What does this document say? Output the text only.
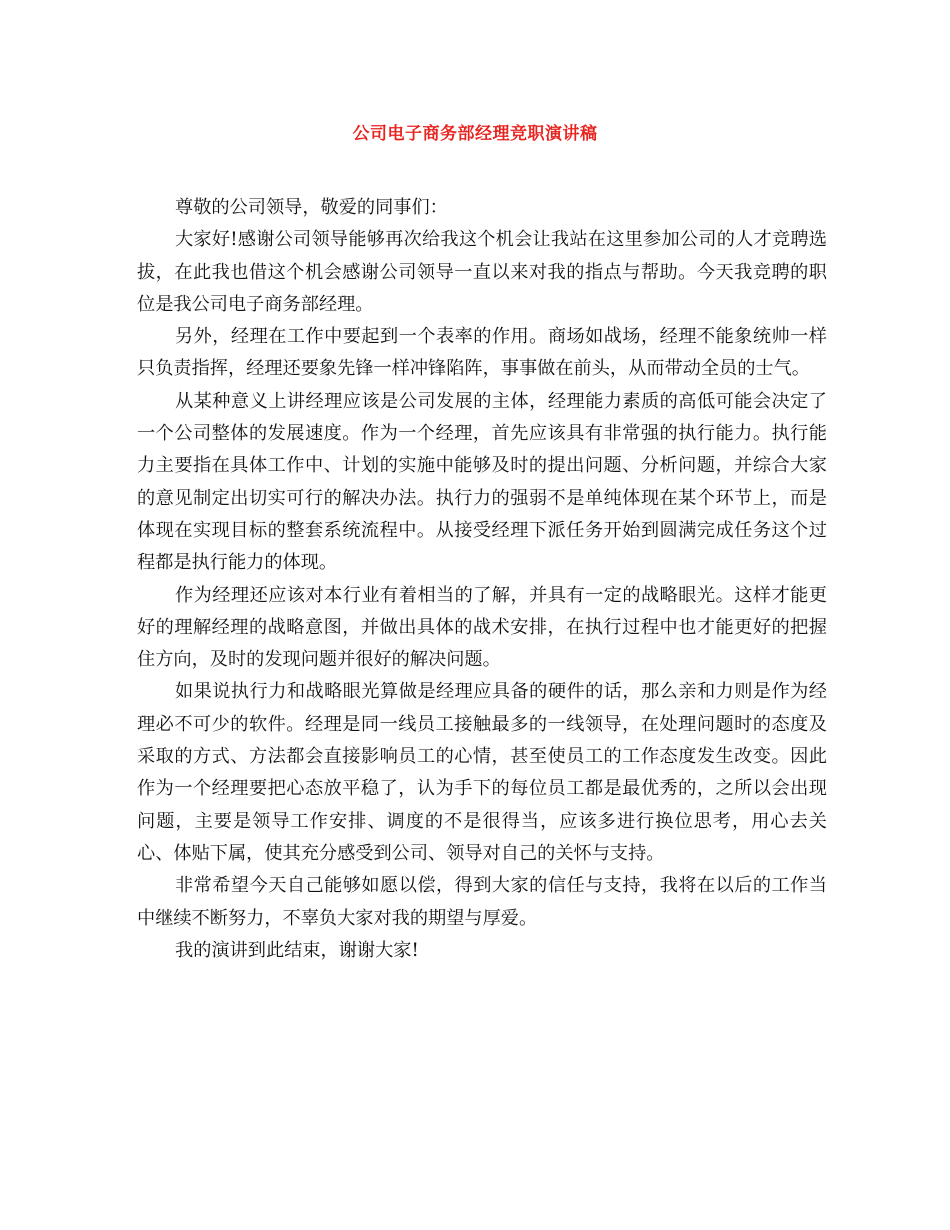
公司电子商务部经理竞职演讲稿

尊敬的公司领导，敬爱的同事们：

大家好!感谢公司领导能够再次给我这个机会让我站在这里参加公司的人才竞聘选拔，在此我也借这个机会感谢公司领导一直以来对我的指点与帮助。今天我竞聘的职位是我公司电子商务部经理。

另外，经理在工作中要起到一个表率的作用。商场如战场，经理不能象统帅一样只负责指挥，经理还要象先锋一样冲锋陷阵，事事做在前头，从而带动全员的士气。

从某种意义上讲经理应该是公司发展的主体，经理能力素质的高低可能会决定了一个公司整体的发展速度。作为一个经理，首先应该具有非常强的执行能力。执行能力主要指在具体工作中、计划的实施中能够及时的提出问题、分析问题，并综合大家的意见制定出切实可行的解决办法。执行力的强弱不是单纯体现在某个环节上，而是体现在实现目标的整套系统流程中。从接受经理下派任务开始到圆满完成任务这个过程都是执行能力的体现。

作为经理还应该对本行业有着相当的了解，并具有一定的战略眼光。这样才能更好的理解经理的战略意图，并做出具体的战术安排，在执行过程中也才能更好的把握住方向，及时的发现问题并很好的解决问题。

如果说执行力和战略眼光算做是经理应具备的硬件的话，那么亲和力则是作为经理必不可少的软件。经理是同一线员工接触最多的一线领导，在处理问题时的态度及采取的方式、方法都会直接影响员工的心情，甚至使员工的工作态度发生改变。因此作为一个经理要把心态放平稳了，认为手下的每位员工都是最优秀的，之所以会出现问题，主要是领导工作安排、调度的不是很得当，应该多进行换位思考，用心去关心、体贴下属，使其充分感受到公司、领导对自己的关怀与支持。

非常希望今天自己能够如愿以偿，得到大家的信任与支持，我将在以后的工作当中继续不断努力，不辜负大家对我的期望与厚爱。

我的演讲到此结束，谢谢大家!
